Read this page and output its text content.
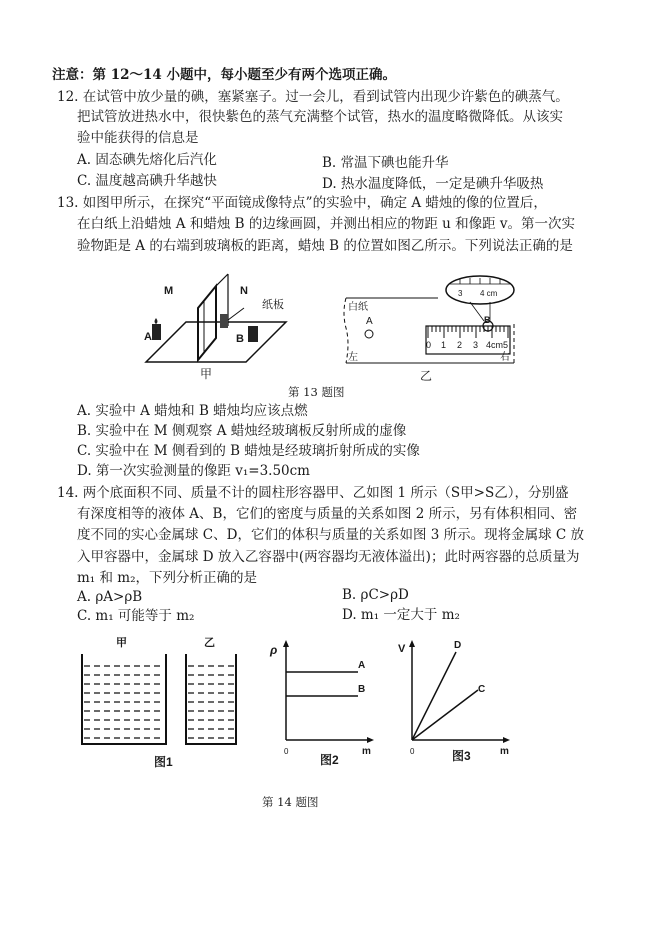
注意：第 12～14 小题中，每小题至少有两个选项正确。
12. 在试管中放少量的碘，塞紧塞子。过一会儿，看到试管内出现少许紫色的碘蒸气。
把试管放进热水中，很快紫色的蒸气充满整个试管，热水的温度略微降低。从该实
验中能获得的信息是
A. 固态碘先熔化后汽化	B. 常温下碘也能升华
C. 温度越高碘升华越快	D. 热水温度降低，一定是碘升华吸热
13. 如图甲所示，在探究“平面镜成像特点”的实验中，确定 A 蜡烛的像的位置后，
在白纸上沿蜡烛 A 和蜡烛 B 的边缘画圆，并测出相应的物距 u 和像距 v。第一次实
验物距是 A 的右端到玻璃板的距离，蜡烛 B 的位置如图乙所示。下列说法正确的是
M	N
纸板
A	B
甲
白纸
A
0 1 2 3 4cm5
B
3 4 cm
左	右
乙
第 13 题图
A. 实验中 A 蜡烛和 B 蜡烛均应该点燃
B. 实验中在 M 侧观察 A 蜡烛经玻璃板反射所成的虚像
C. 实验中在 M 侧看到的 B 蜡烛是经玻璃折射所成的实像
D. 第一次实验测量的像距 v₁=3.50cm
14. 两个底面积不同、质量不计的圆柱形容器甲、乙如图 1 所示（S甲>S乙），分别盛
有深度相等的液体 A、B，它们的密度与质量的关系如图 2 所示，另有体积相同、密
度不同的实心金属球 C、D，它们的体积与质量的关系如图 3 所示。现将金属球 C 放
入甲容器中，金属球 D 放入乙容器中(两容器均无液体溢出)；此时两容器的总质量为
m₁ 和 m₂，下列分析正确的是
A. ρA>ρB	B. ρC>ρD
C. m₁ 可能等于 m₂	D. m₁ 一定大于 m₂
甲	乙
图1
ρ
m
0
A
B
图2
V
m
0
D
C
图3
第 14 题图
